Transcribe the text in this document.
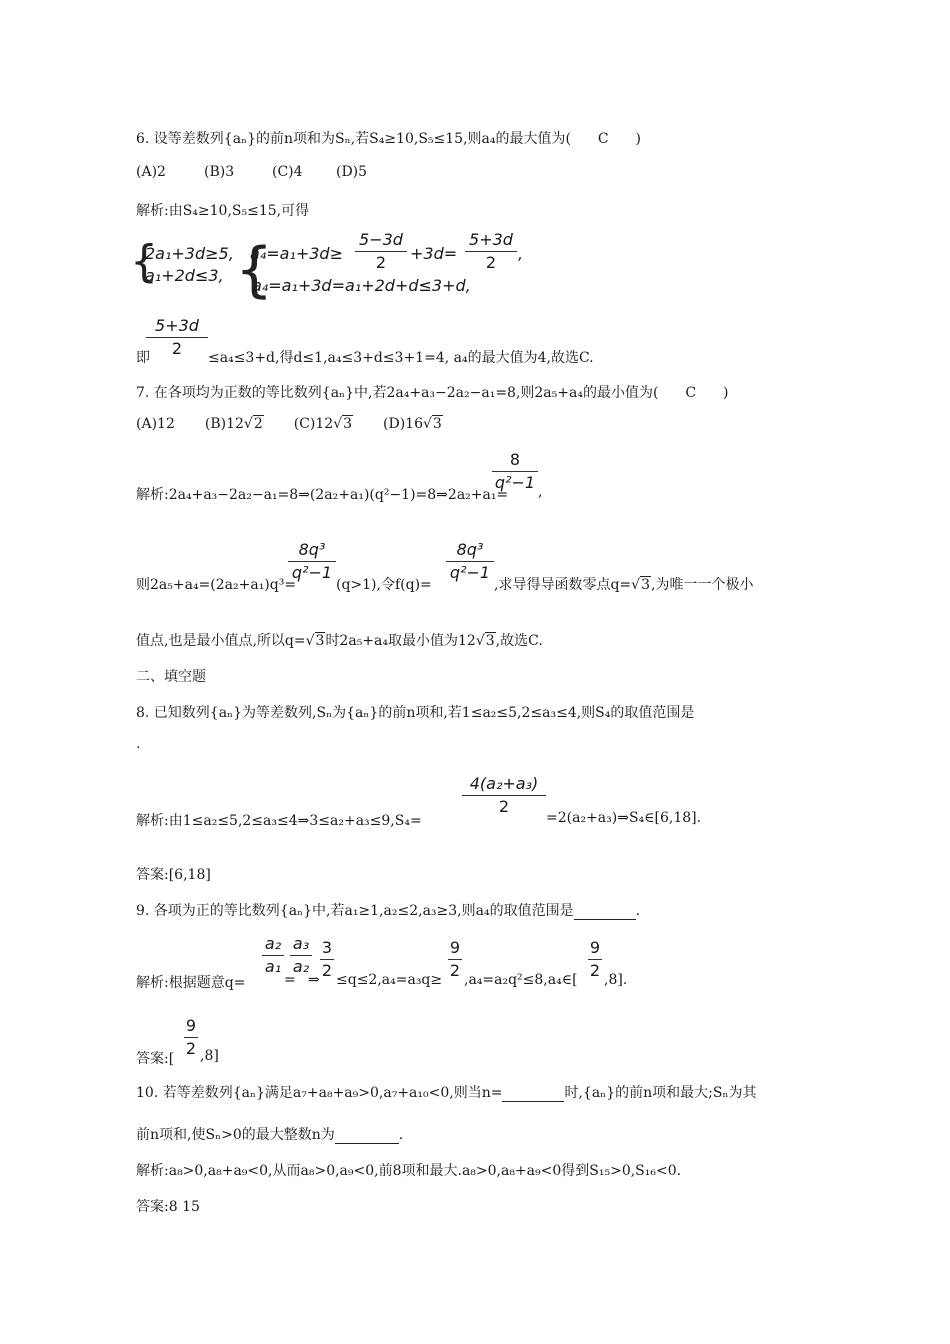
6. 设等差数列{aₙ}的前n项和为Sₙ,若S₄≥10,S₅≤15,则a₄的最大值为( C )
(A)2	(B)3	(C)4 (D)5
解析:由S₄≥10,S₅≤15,可得
{
2a₁+3d≥5,
a₁+2d≤3, {
a₄=a₁+3d≥
5−3d
2	+3d=
5+3d
2	,
a₄=a₁+3d=a₁+2d+d≤3+d,
5+3d
2
即	≤a₄≤3+d,得d≤1,a₄≤3+d≤3+1=4, a₄的最大值为4,故选C.
7. 在各项均为正数的等比数列{aₙ}中,若2a₄+a₃−2a₂−a₁=8,则2a₅+a₄的最小值为( C )
(A)12 (B)12√2 (C)12√3 (D)16√3
8
q²−1
解析:2a₄+a₃−2a₂−a₁=8⇒(2a₂+a₁)(q²−1)=8⇒2a₂+a₁= ,
8q³
q²−1
8q³
q²−1
则2a₅+a₄=(2a₂+a₁)q³=	(q>1),令f(q)=	,求导得导函数零点q=√3,为唯一一个极小
值点,也是最小值点,所以q=√3时2a₅+a₄取最小值为12√3,故选C.
二、填空题
8. 已知数列{aₙ}为等差数列,Sₙ为{aₙ}的前n项和,若1≤a₂≤5,2≤a₃≤4,则S₄的取值范围是
.
4(a₂+a₃)
2
解析:由1≤a₂≤5,2≤a₃≤4⇒3≤a₂+a₃≤9,S₄=	=2(a₂+a₃)⇒S₄∈[6,18].
答案:[6,18]
9. 各项为正的等比数列{aₙ}中,若a₁≥1,a₂≤2,a₃≥3,则a₄的取值范围是	.
a₂
a₁
a₃
a₂
3
2
9
2
9
2
解析:根据题意q=	= ⇒ ≤q≤2,a₄=a₃q≥ ,a₄=a₂q²≤8,a₄∈[ ,8].
9
2
答案:[ ,8]
10. 若等差数列{aₙ}满足a₇+a₈+a₉>0,a₇+a₁₀<0,则当n=	时,{aₙ}的前n项和最大;Sₙ为其
前n项和,使Sₙ>0的最大整数n为	.
解析:a₈>0,a₈+a₉<0,从而a₈>0,a₉<0,前8项和最大.a₈>0,a₈+a₉<0得到S₁₅>0,S₁₆<0.
答案:8 15
